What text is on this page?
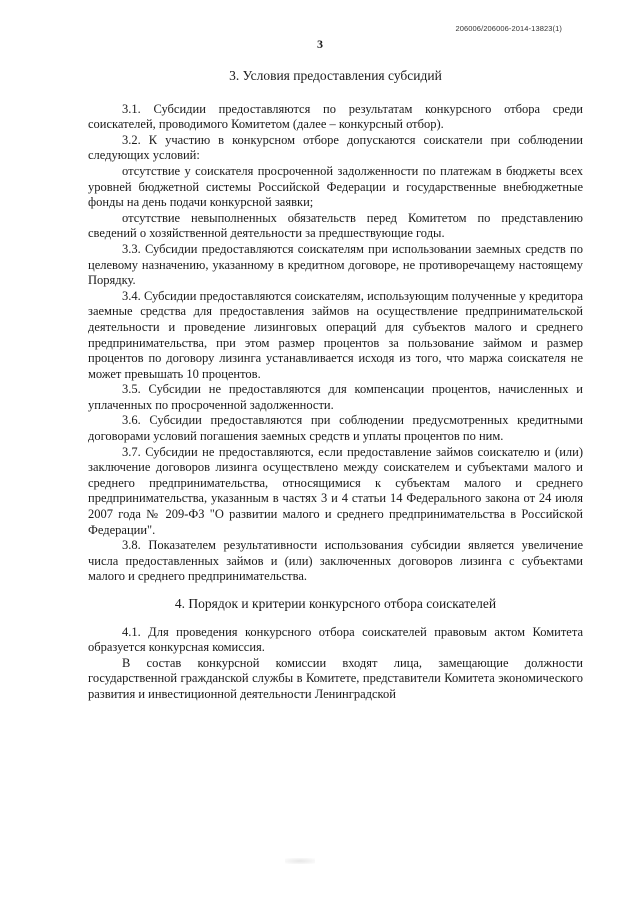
206006/206006-2014-13823(1)
3

3. Условия предоставления субсидий

3.1. Субсидии предоставляются по результатам конкурсного отбора среди соискателей, проводимого Комитетом (далее – конкурсный отбор).

3.2. К участию в конкурсном отборе допускаются соискатели при соблюдении следующих условий:

отсутствие у соискателя просроченной задолженности по платежам в бюджеты всех уровней бюджетной системы Российской Федерации и государственные внебюджетные фонды на день подачи конкурсной заявки;

отсутствие невыполненных обязательств перед Комитетом по представлению сведений о хозяйственной деятельности за предшествующие годы.

3.3. Субсидии предоставляются соискателям при использовании заемных средств по целевому назначению, указанному в кредитном договоре, не противоречащему настоящему Порядку.

3.4. Субсидии предоставляются соискателям, использующим полученные у кредитора заемные средства для предоставления займов на осуществление предпринимательской деятельности и проведение лизинговых операций для субъектов малого и среднего предпринимательства, при этом размер процентов за пользование займом и размер процентов по договору лизинга устанавливается исходя из того, что маржа соискателя не может превышать 10 процентов.

3.5. Субсидии не предоставляются для компенсации процентов, начисленных и уплаченных по просроченной задолженности.

3.6. Субсидии предоставляются при соблюдении предусмотренных кредитными договорами условий погашения заемных средств и уплаты процентов по ним.

3.7. Субсидии не предоставляются, если предоставление займов соискателю и (или) заключение договоров лизинга осуществлено между соискателем и субъектами малого и среднего предпринимательства, относящимися к субъектам малого и среднего предпринимательства, указанным в частях 3 и 4 статьи 14 Федерального закона от 24 июля 2007 года № 209-ФЗ "О развитии малого и среднего предпринимательства в Российской Федерации".

3.8. Показателем результативности использования субсидии является увеличение числа предоставленных займов и (или) заключенных договоров лизинга с субъектами малого и среднего предпринимательства.

4. Порядок и критерии конкурсного отбора соискателей

4.1. Для проведения конкурсного отбора соискателей правовым актом Комитета образуется конкурсная комиссия.

В состав конкурсной комиссии входят лица, замещающие должности государственной гражданской службы в Комитете, представители Комитета экономического развития и инвестиционной деятельности Ленинградской
